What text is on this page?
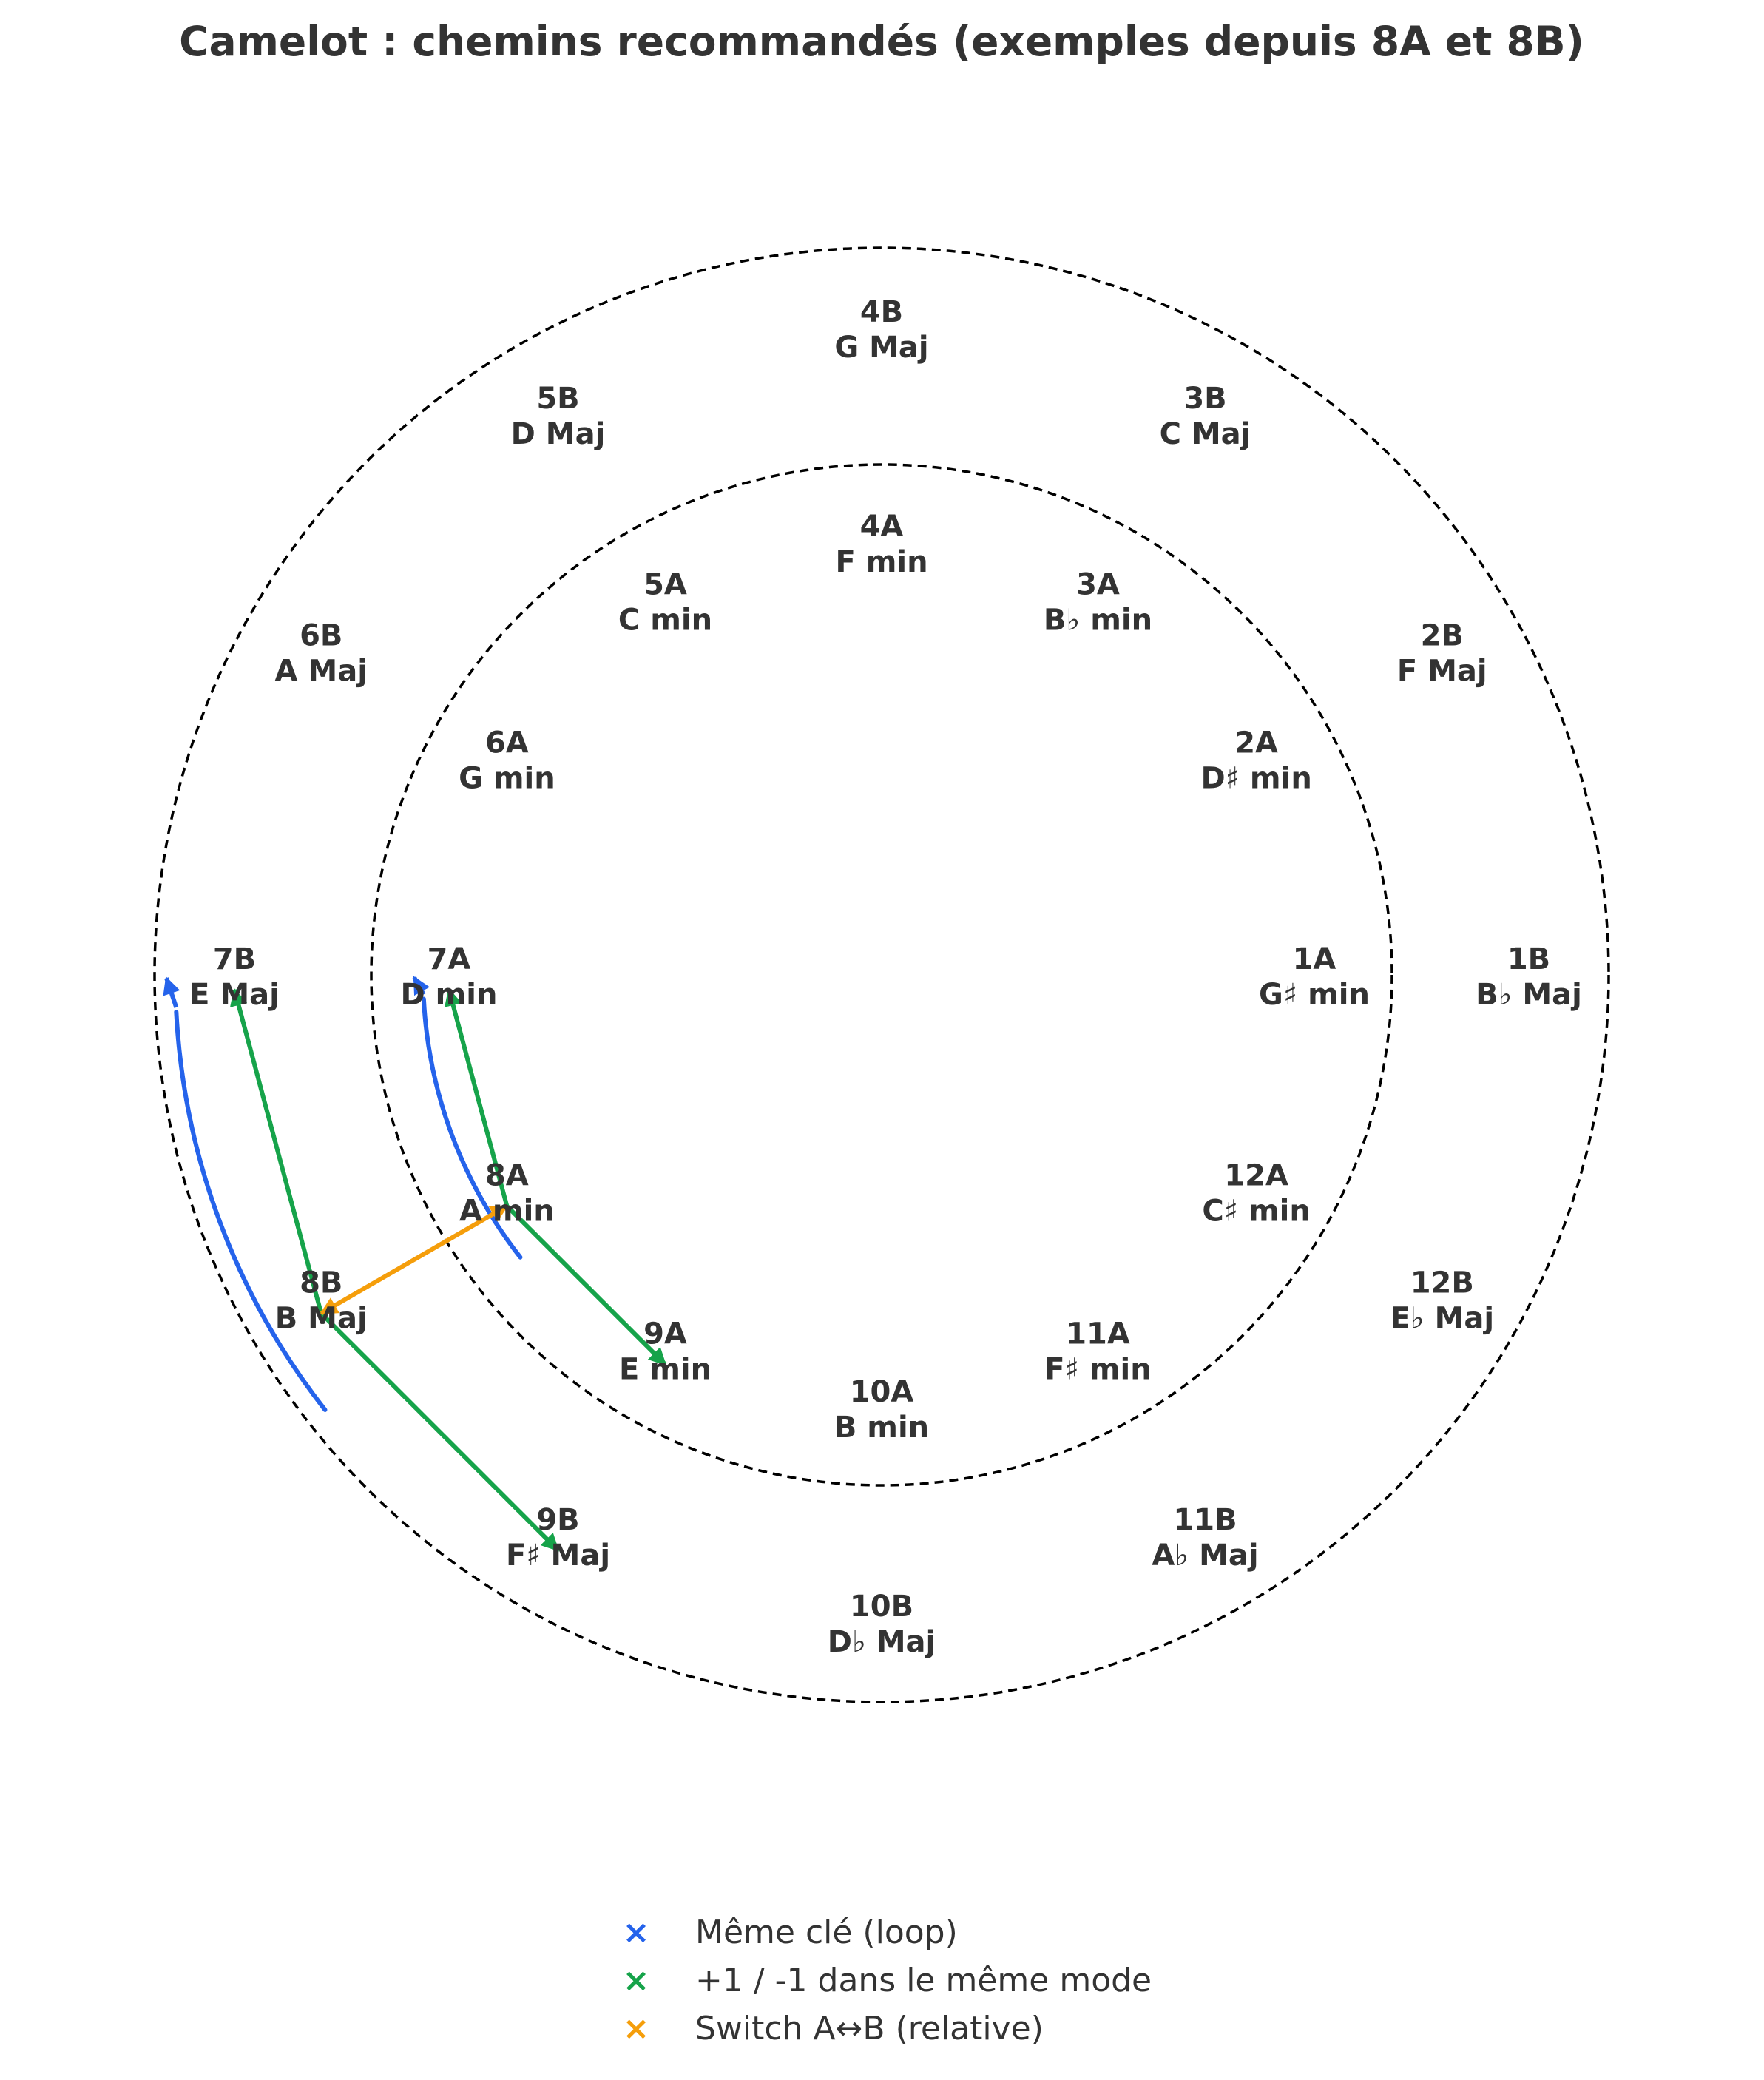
Camelot : chemins recommandés (exemples depuis 8A et 8B)
1B
B♭ Maj
2B
F Maj
3B
C Maj
4B
G Maj
5B
D Maj
6B
A Maj
7B
E Maj
8B
B Maj
9B
F♯ Maj
10B
D♭ Maj
11B
A♭ Maj
12B
E♭ Maj
1A
G♯ min
2A
D♯ min
3A
B♭ min
4A
F min
5A
C min
6A
G min
7A
D min
8A
A min
9A
E min
10A
B min
11A
F♯ min
12A
C♯ min
× Même clé (loop)
× +1 / -1 dans le même mode
× Switch A↔B (relative)
